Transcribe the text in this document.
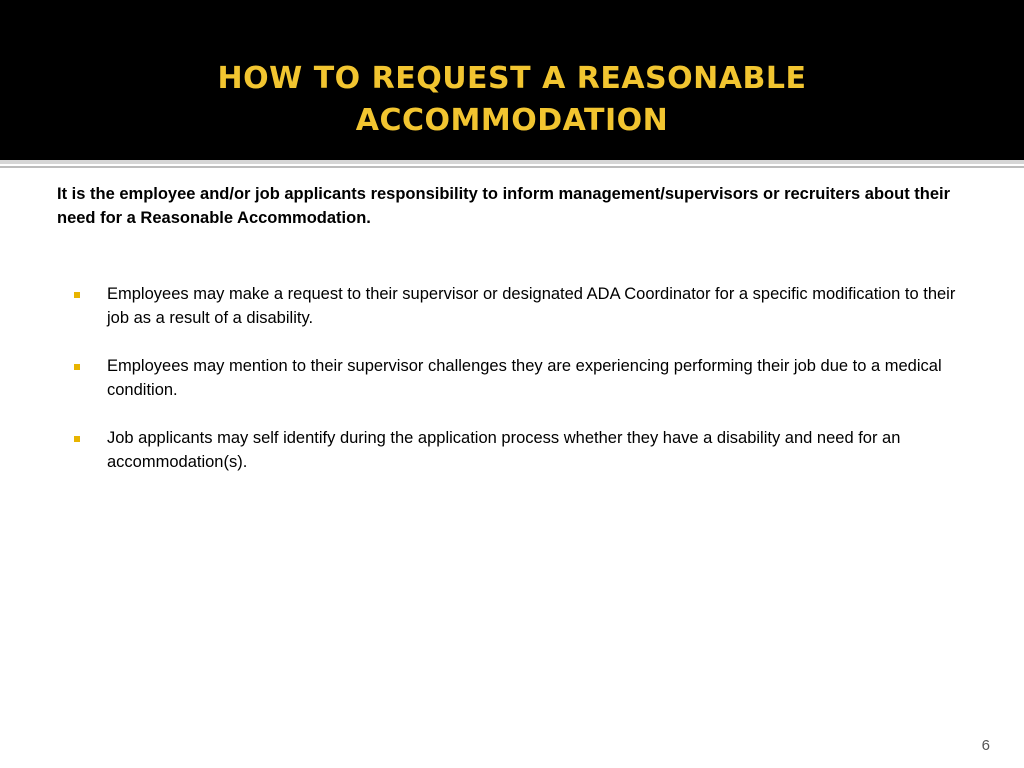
HOW TO REQUEST A REASONABLE
ACCOMMODATION
It is the employee and/or job applicants responsibility to inform management/supervisors or recruiters about their need for a Reasonable Accommodation.
Employees may make a request to their supervisor or designated ADA Coordinator for a specific modification to their job as a result of a disability.
Employees may mention to their supervisor challenges they are experiencing performing their job due to a medical condition.
Job applicants may self identify during the application process whether they have a disability and need for an accommodation(s).
6
